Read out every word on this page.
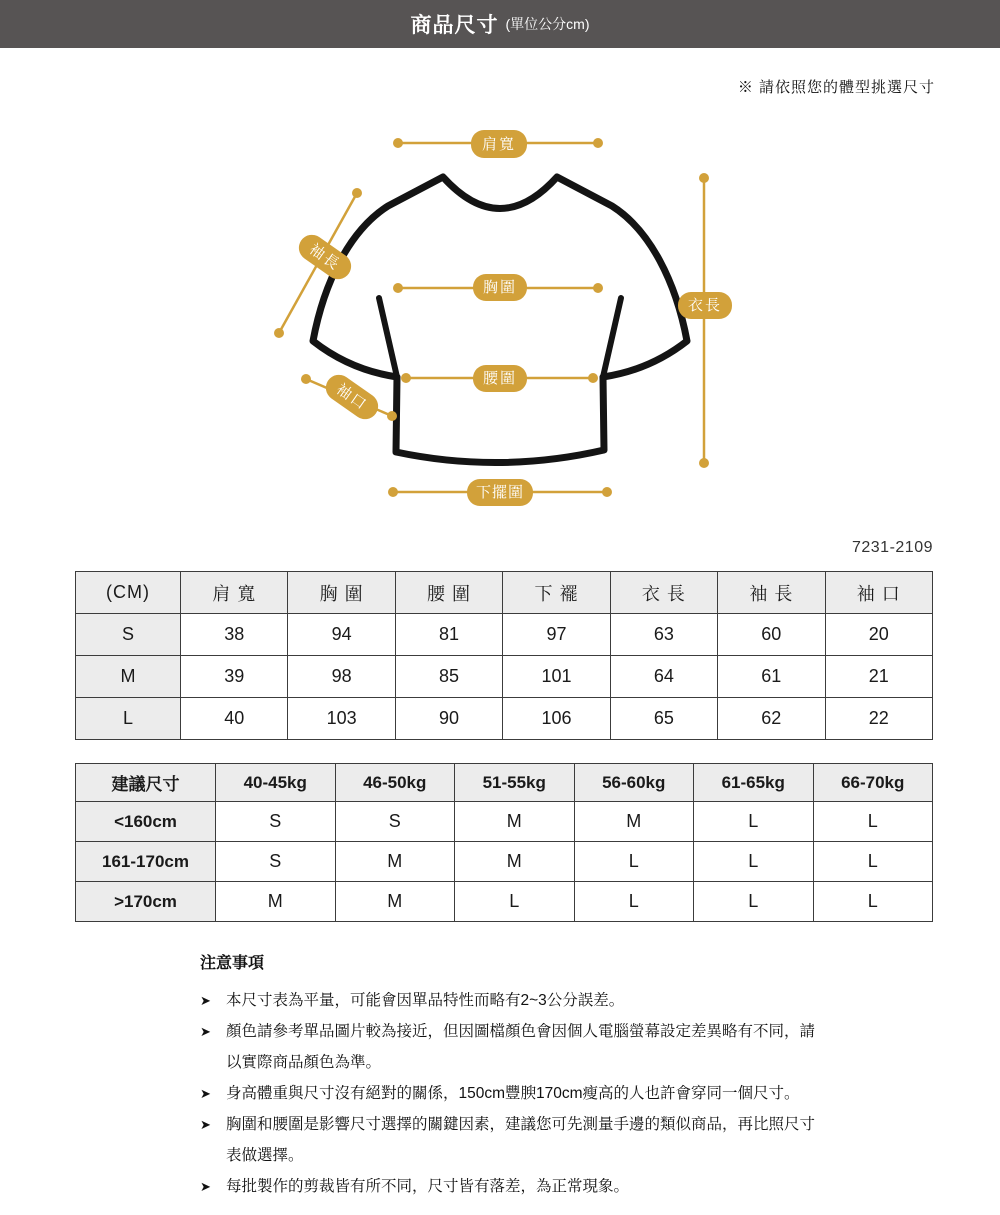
商品尺寸 (單位公分cm)
※ 請依照您的體型挑選尺寸
肩寬
袖長
胸圍
衣長
腰圍
袖口
下擺圍
7231-2109
(CM)	肩 寬	胸 圍	腰 圍	下 襬	衣 長	袖 長	袖 口
S	38	94	81	97	63	60	20
M	39	98	85	101	64	61	21
L	40	103	90	106	65	62	22
建議尺寸	40-45kg	46-50kg	51-55kg	56-60kg	61-65kg	66-70kg
<160cm	S	S	M	M	L	L
161-170cm	S	M	M	L	L	L
>170cm	M	M	L	L	L	L
注意事項
➤ 本尺寸表為平量，可能會因單品特性而略有2~3公分誤差。
➤ 顏色請參考單品圖片較為接近，但因圖檔顏色會因個人電腦螢幕設定差異略有不同，請以實際商品顏色為準。
➤ 身高體重與尺寸沒有絕對的關係，150cm豐腴170cm瘦高的人也許會穿同一個尺寸。
➤ 胸圍和腰圍是影響尺寸選擇的關鍵因素，建議您可先測量手邊的類似商品，再比照尺寸表做選擇。
➤ 每批製作的剪裁皆有所不同，尺寸皆有落差，為正常現象。
